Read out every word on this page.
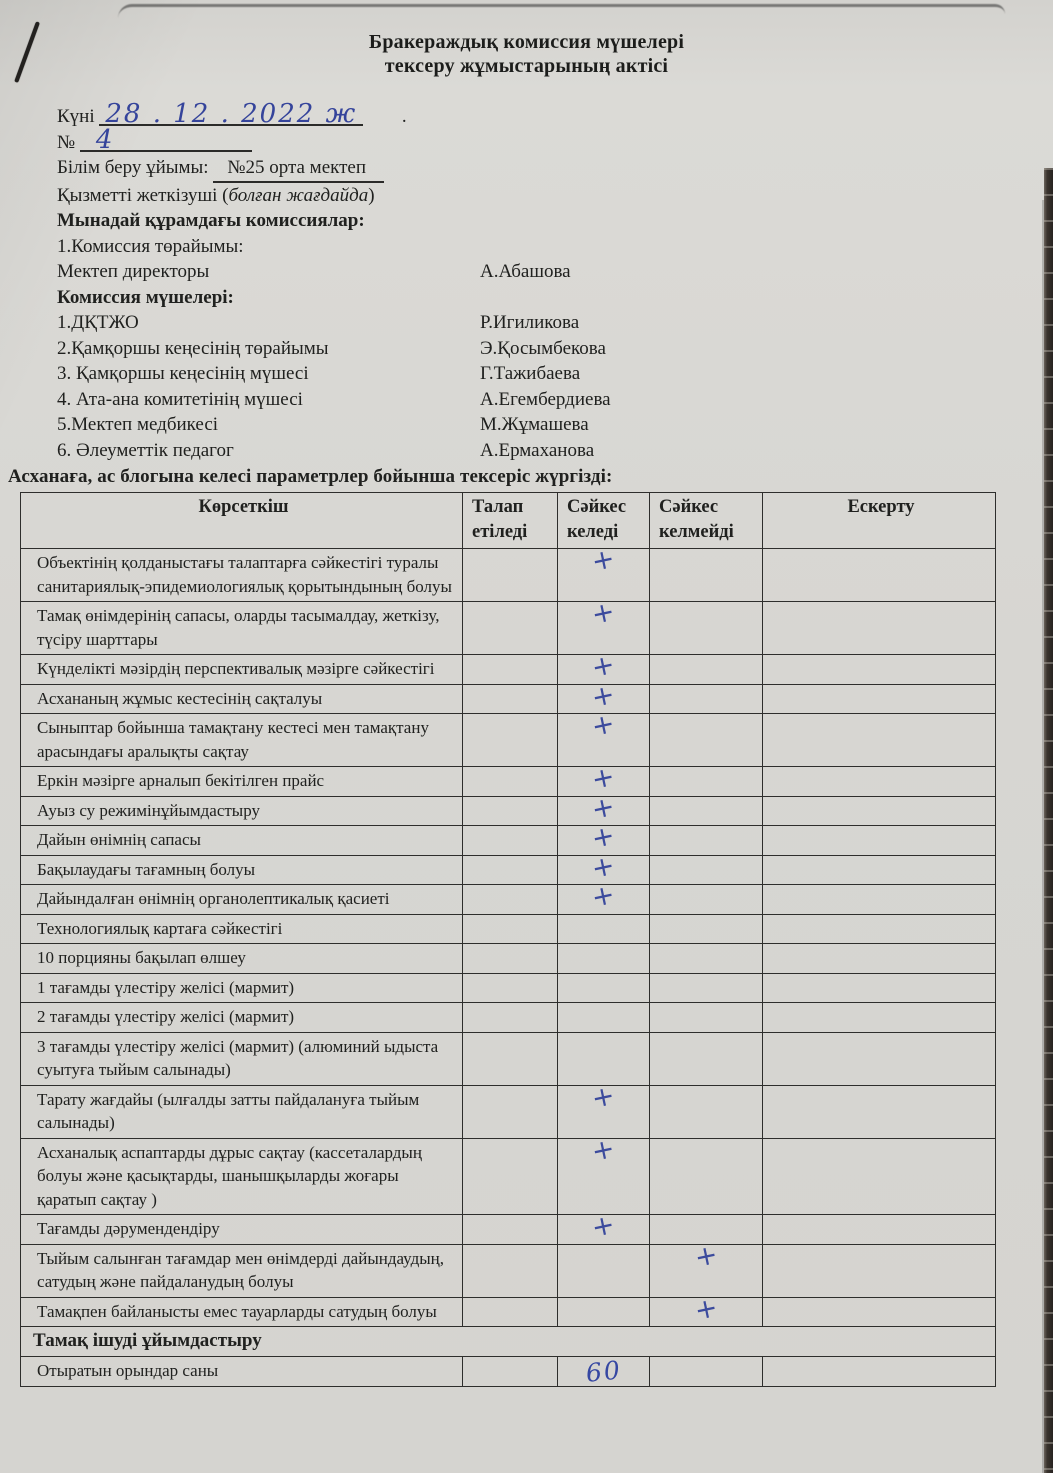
Бракераждық комиссия мүшелері
тексеру жұмыстарының актісі
Күні 28 . 12 . 2022 ж .
№ 4
Білім беру ұйымы: №25 орта мектеп
Қызметті жеткізуші (болған жағдайда)
Мынадай құрамдағы комиссиялар:
1.Комиссия төрайымы:
Мектеп директоры	А.Абашова
Комиссия мүшелері:
1.ДҚТЖО	Р.Игиликова
2.Қамқоршы кеңесінің төрайымы	Э.Қосымбекова
3. Қамқоршы кеңесінің мүшесі	Г.Тажибаева
4. Ата-ана комитетінің мүшесі	А.Егембердиева
5.Мектеп медбикесі	М.Жұмашева
6. Әлеуметтік педагог	А.Ермаханова
Асханаға, ас блогына келесі параметрлер бойынша тексеріс жүргізді:
Көрсеткіш	Талап етіледі	Сәйкес келеді	Сәйкес келмейді	Ескерту
Объектінің қолданыстағы талаптарға сәйкестігі туралы санитариялық-эпидемиологиялық қорытындының болуы		+		
Тамақ өнімдерінің сапасы, оларды тасымалдау, жеткізу, түсіру шарттары		+		
Күнделікті мәзірдің перспективалық мәзірге сәйкестігі		+		
Асхананың жұмыс кестесінің сақталуы		+		
Сыныптар бойынша тамақтану кестесі мен тамақтану арасындағы аралықты сақтау		+		
Еркін мәзірге арналып бекітілген прайс		+		
Ауыз су режимінұйымдастыру		+		
Дайын өнімнің сапасы		+		
Бақылаудағы тағамның болуы		+		
Дайындалған өнімнің органолептикалық қасиеті		+		
Технологиялық картаға сәйкестігі				
10 порцияны бақылап өлшеу				
1 тағамды үлестіру желісі (мармит)				
2 тағамды үлестіру желісі (мармит)				
3 тағамды үлестіру желісі (мармит) (алюминий ыдыста суытуға тыйым салынады)				
Тарату жағдайы (ылғалды затты пайдалануға тыйым салынады)		+		
Асханалық аспаптарды дұрыс сақтау (кассеталардың болуы және қасықтарды, шанышқыларды жоғары қаратып сақтау )		+		
Тағамды дәрумендендіру		+		
Тыйым салынған тағамдар мен өнімдерді дайындаудың, сатудың және пайдаланудың болуы			+	
Тамақпен байланысты емес тауарларды сатудың болуы			+	
Тамақ ішуді ұйымдастыру				
Отыратын орындар саны		60		
